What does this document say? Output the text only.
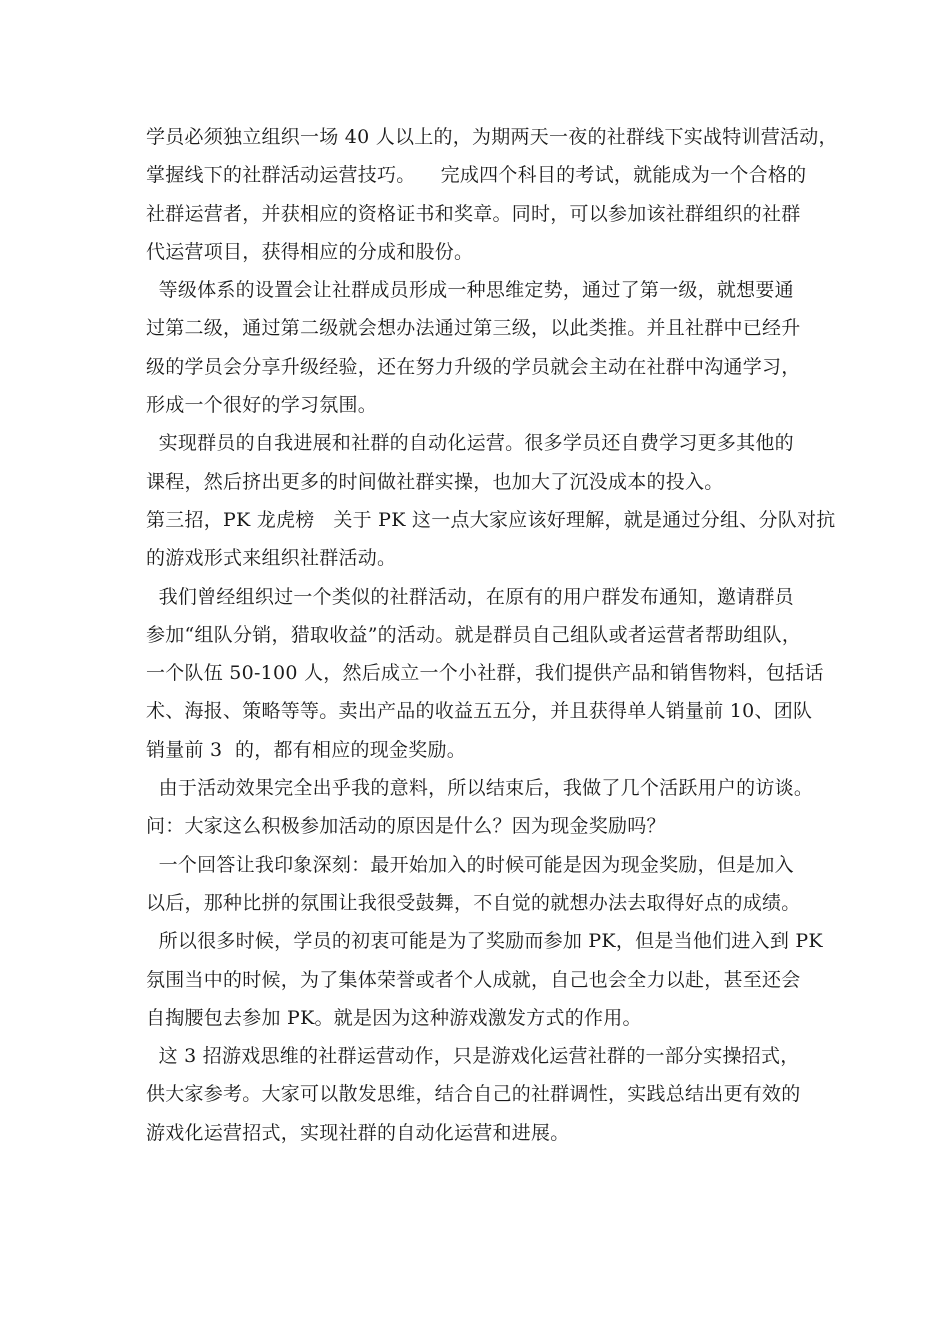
学员必须独立组织一场 40 人以上的，为期两天一夜的社群线下实战特训营活动，
掌握线下的社群活动运营技巧。    完成四个科目的考试，就能成为一个合格的
社群运营者，并获相应的资格证书和奖章。同时，可以参加该社群组织的社群
代运营项目，获得相应的分成和股份。
等级体系的设置会让社群成员形成一种思维定势，通过了第一级，就想要通
过第二级，通过第二级就会想办法通过第三级，以此类推。并且社群中已经升
级的学员会分享升级经验，还在努力升级的学员就会主动在社群中沟通学习，
形成一个很好的学习氛围。
实现群员的自我进展和社群的自动化运营。很多学员还自费学习更多其他的
课程，然后挤出更多的时间做社群实操，也加大了沉没成本的投入。
第三招，PK 龙虎榜   关于 PK 这一点大家应该好理解，就是通过分组、分队对抗
的游戏形式来组织社群活动。
我们曾经组织过一个类似的社群活动，在原有的用户群发布通知，邀请群员
参加“组队分销，猎取收益”的活动。就是群员自己组队或者运营者帮助组队，
一个队伍 50-100 人，然后成立一个小社群，我们提供产品和销售物料，包括话
术、海报、策略等等。卖出产品的收益五五分，并且获得单人销量前 10、团队
销量前 3  的，都有相应的现金奖励。
由于活动效果完全出乎我的意料，所以结束后，我做了几个活跃用户的访谈。
问：大家这么积极参加活动的原因是什么？因为现金奖励吗？
一个回答让我印象深刻：最开始加入的时候可能是因为现金奖励，但是加入
以后，那种比拼的氛围让我很受鼓舞，不自觉的就想办法去取得好点的成绩。
所以很多时候，学员的初衷可能是为了奖励而参加 PK，但是当他们进入到 PK
氛围当中的时候，为了集体荣誉或者个人成就，自己也会全力以赴，甚至还会
自掏腰包去参加 PK。就是因为这种游戏激发方式的作用。
这 3 招游戏思维的社群运营动作，只是游戏化运营社群的一部分实操招式，
供大家参考。大家可以散发思维，结合自己的社群调性，实践总结出更有效的
游戏化运营招式，实现社群的自动化运营和进展。
